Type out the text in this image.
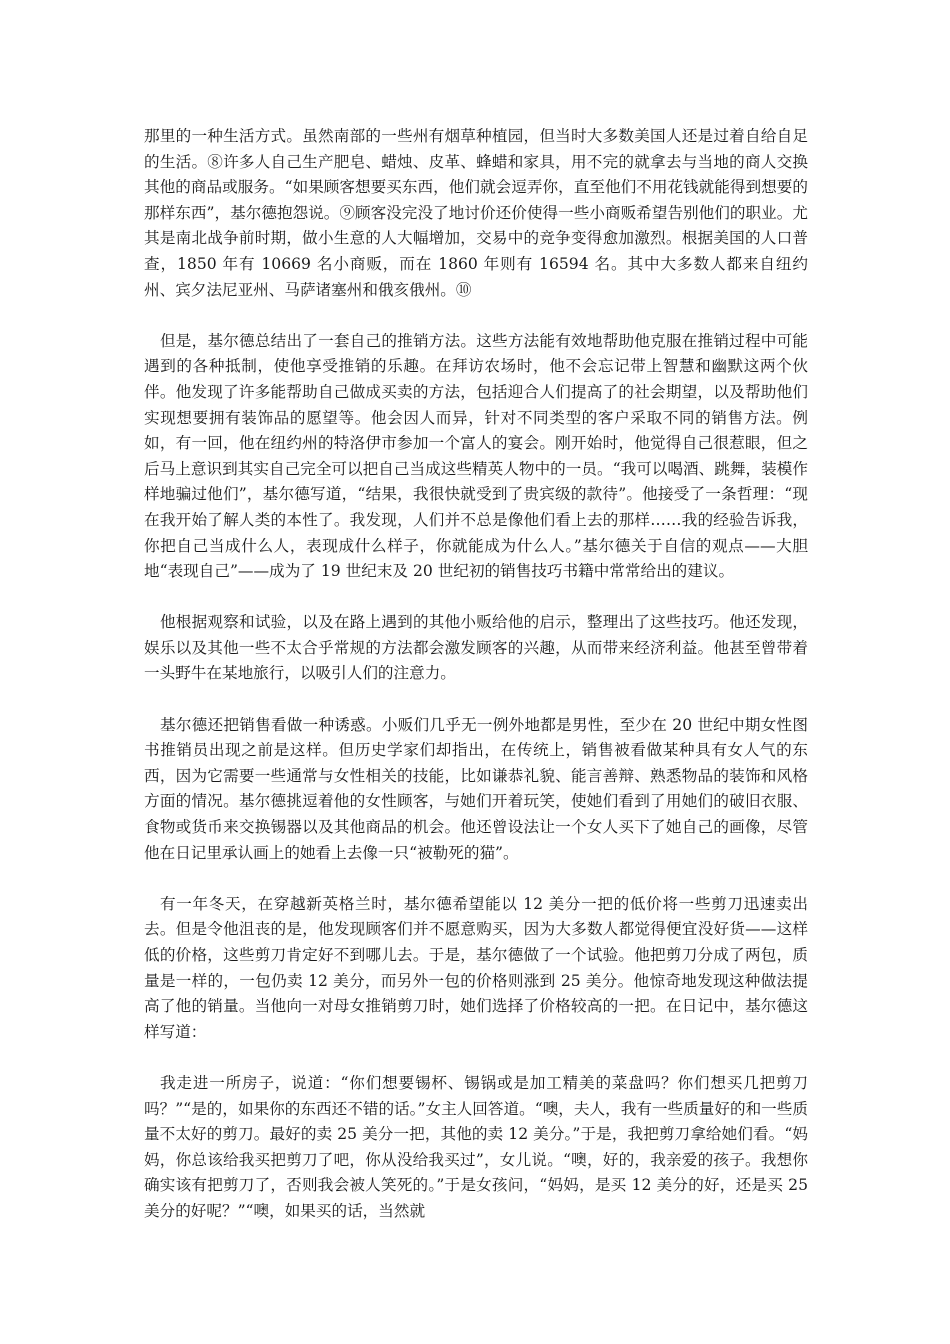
那里的一种生活方式。虽然南部的一些州有烟草种植园，但当时大多数美国人还是过着自给自足的生活。⑧许多人自己生产肥皂、蜡烛、皮革、蜂蜡和家具，用不完的就拿去与当地的商人交换其他的商品或服务。“如果顾客想要买东西，他们就会逗弄你，直至他们不用花钱就能得到想要的那样东西”，基尔德抱怨说。⑨顾客没完没了地讨价还价使得一些小商贩希望告别他们的职业。尤其是南北战争前时期，做小生意的人大幅增加，交易中的竞争变得愈加激烈。根据美国的人口普查，1850 年有 10669 名小商贩，而在 1860 年则有 16594 名。其中大多数人都来自纽约州、宾夕法尼亚州、马萨诸塞州和俄亥俄州。⑩

但是，基尔德总结出了一套自己的推销方法。这些方法能有效地帮助他克服在推销过程中可能遇到的各种抵制，使他享受推销的乐趣。在拜访农场时，他不会忘记带上智慧和幽默这两个伙伴。他发现了许多能帮助自己做成买卖的方法，包括迎合人们提高了的社会期望，以及帮助他们实现想要拥有装饰品的愿望等。他会因人而异，针对不同类型的客户采取不同的销售方法。例如，有一回，他在纽约州的特洛伊市参加一个富人的宴会。刚开始时，他觉得自己很惹眼，但之后马上意识到其实自己完全可以把自己当成这些精英人物中的一员。“我可以喝酒、跳舞，装模作样地骗过他们”，基尔德写道，“结果，我很快就受到了贵宾级的款待”。他接受了一条哲理：“现在我开始了解人类的本性了。我发现，人们并不总是像他们看上去的那样……我的经验告诉我，你把自己当成什么人，表现成什么样子，你就能成为什么人。”基尔德关于自信的观点——大胆地“表现自己”——成为了 19 世纪末及 20 世纪初的销售技巧书籍中常常给出的建议。

他根据观察和试验，以及在路上遇到的其他小贩给他的启示，整理出了这些技巧。他还发现，娱乐以及其他一些不太合乎常规的方法都会激发顾客的兴趣，从而带来经济利益。他甚至曾带着一头野牛在某地旅行，以吸引人们的注意力。

基尔德还把销售看做一种诱惑。小贩们几乎无一例外地都是男性，至少在 20 世纪中期女性图书推销员出现之前是这样。但历史学家们却指出，在传统上，销售被看做某种具有女人气的东西，因为它需要一些通常与女性相关的技能，比如谦恭礼貌、能言善辩、熟悉物品的装饰和风格方面的情况。基尔德挑逗着他的女性顾客，与她们开着玩笑，使她们看到了用她们的破旧衣服、食物或货币来交换锡器以及其他商品的机会。他还曾设法让一个女人买下了她自己的画像，尽管他在日记里承认画上的她看上去像一只“被勒死的猫”。

有一年冬天，在穿越新英格兰时，基尔德希望能以 12 美分一把的低价将一些剪刀迅速卖出去。但是令他沮丧的是，他发现顾客们并不愿意购买，因为大多数人都觉得便宜没好货——这样低的价格，这些剪刀肯定好不到哪儿去。于是，基尔德做了一个试验。他把剪刀分成了两包，质量是一样的，一包仍卖 12 美分，而另外一包的价格则涨到 25 美分。他惊奇地发现这种做法提高了他的销量。当他向一对母女推销剪刀时，她们选择了价格较高的一把。在日记中，基尔德这样写道：

我走进一所房子，说道：“你们想要锡杯、锡锅或是加工精美的菜盘吗？你们想买几把剪刀吗？”“是的，如果你的东西还不错的话。”女主人回答道。“噢，夫人，我有一些质量好的和一些质量不太好的剪刀。最好的卖 25 美分一把，其他的卖 12 美分。”于是，我把剪刀拿给她们看。“妈妈，你总该给我买把剪刀了吧，你从没给我买过”，女儿说。“噢，好的，我亲爱的孩子。我想你确实该有把剪刀了，否则我会被人笑死的。”于是女孩问，“妈妈，是买 12 美分的好，还是买 25 美分的好呢？”“噢，如果买的话，当然就
